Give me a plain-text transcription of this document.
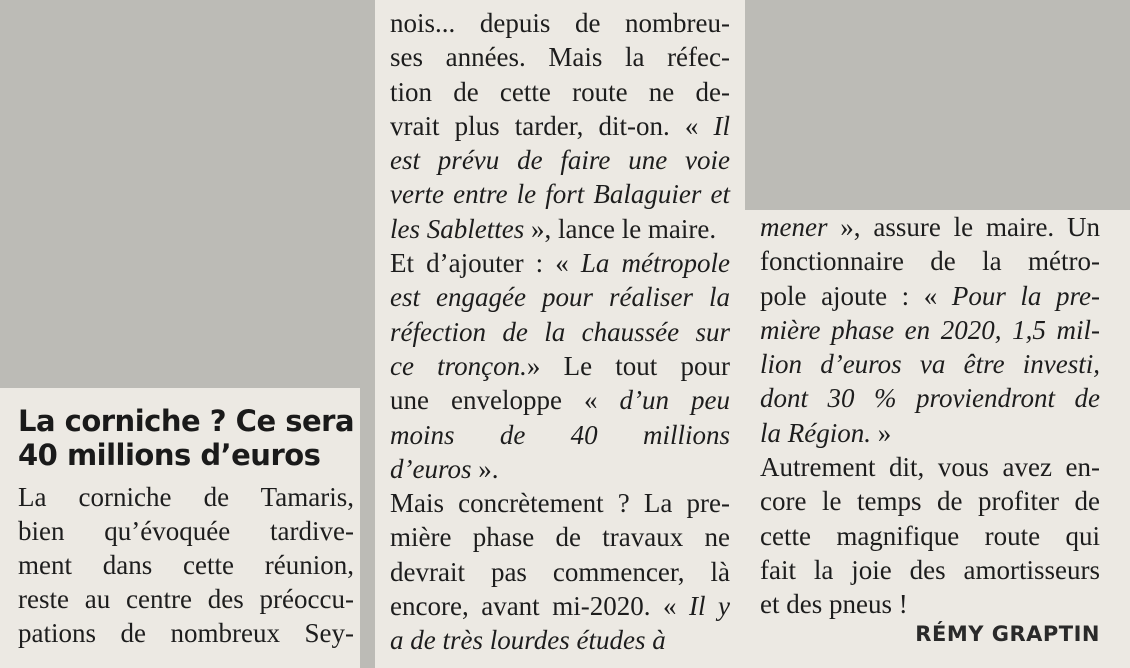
La corniche ? Ce sera
40 millions d’euros
La corniche de Tamaris,
bien qu’évoquée tardive-
ment dans cette réunion,
reste au centre des préoccu-
pations de nombreux Sey-
nois... depuis de nombreu-
ses années. Mais la réfec-
tion de cette route ne de-
vrait plus tarder, dit-on. « Il
est prévu de faire une voie
verte entre le fort Balaguier et
les Sablettes », lance le maire.
Et d’ajouter : « La métropole
est engagée pour réaliser la
réfection de la chaussée sur
ce tronçon.» Le tout pour
une enveloppe « d’un peu
moins de 40 millions
d’euros ».
Mais concrètement ? La pre-
mière phase de travaux ne
devrait pas commencer, là
encore, avant mi-2020. « Il y
a de très lourdes études à
mener », assure le maire. Un
fonctionnaire de la métro-
pole ajoute : « Pour la pre-
mière phase en 2020, 1,5 mil-
lion d’euros va être investi,
dont 30 % proviendront de
la Région. »
Autrement dit, vous avez en-
core le temps de profiter de
cette magnifique route qui
fait la joie des amortisseurs
et des pneus !
RÉMY GRAPTIN
